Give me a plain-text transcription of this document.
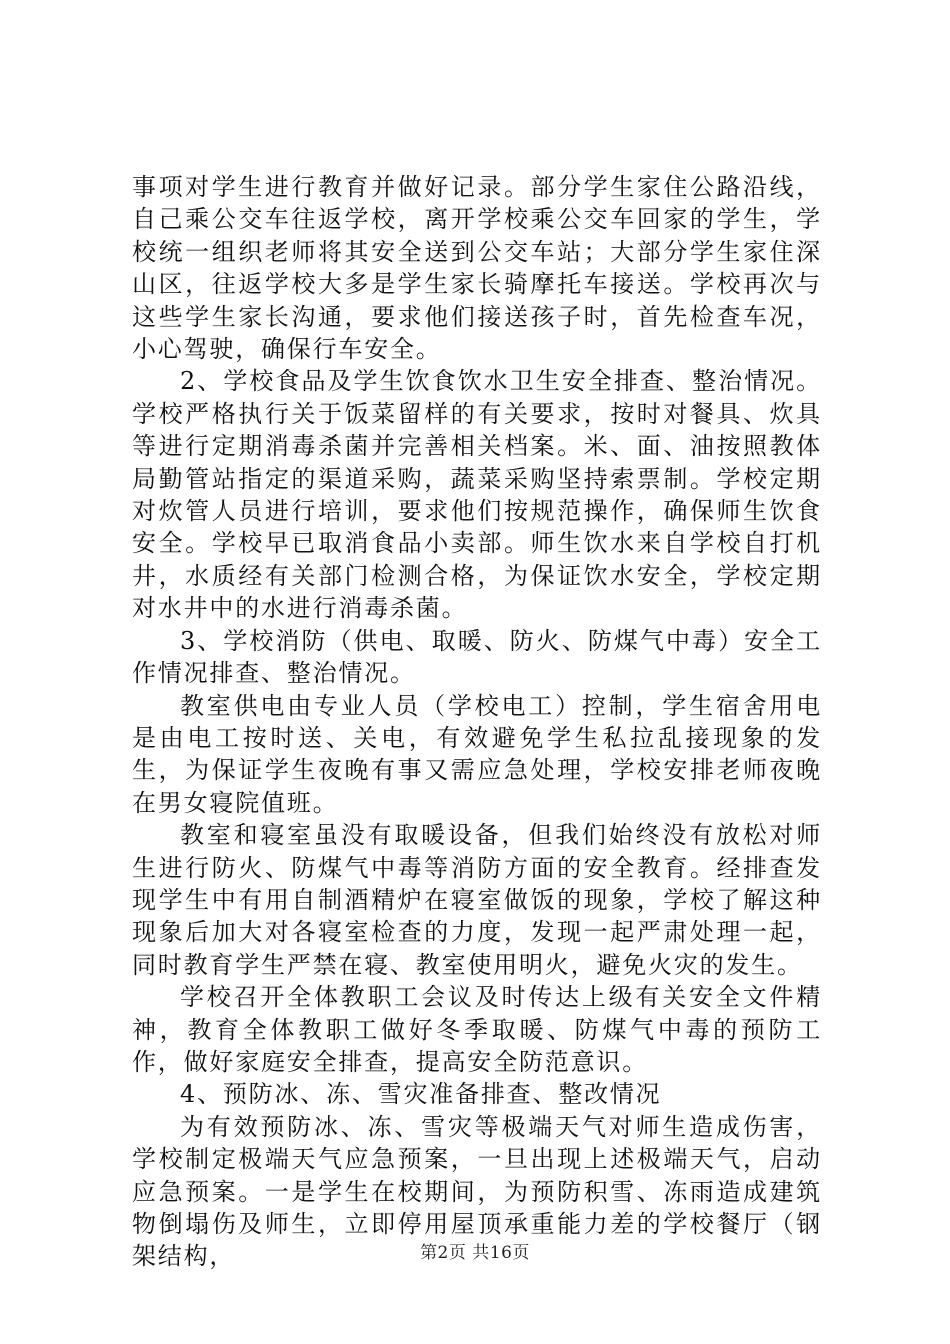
事项对学生进行教育并做好记录。部分学生家住公路沿线，自己乘公交车往返学校，离开学校乘公交车回家的学生，学校统一组织老师将其安全送到公交车站；大部分学生家住深山区，往返学校大多是学生家长骑摩托车接送。学校再次与这些学生家长沟通，要求他们接送孩子时，首先检查车况，小心驾驶，确保行车安全。

2、学校食品及学生饮食饮水卫生安全排查、整治情况。学校严格执行关于饭菜留样的有关要求，按时对餐具、炊具等进行定期消毒杀菌并完善相关档案。米、面、油按照教体局勤管站指定的渠道采购，蔬菜采购坚持索票制。学校定期对炊管人员进行培训，要求他们按规范操作，确保师生饮食安全。学校早已取消食品小卖部。师生饮水来自学校自打机井，水质经有关部门检测合格，为保证饮水安全，学校定期对水井中的水进行消毒杀菌。

3、学校消防（供电、取暖、防火、防煤气中毒）安全工作情况排查、整治情况。

教室供电由专业人员（学校电工）控制，学生宿舍用电是由电工按时送、关电，有效避免学生私拉乱接现象的发生，为保证学生夜晚有事又需应急处理，学校安排老师夜晚在男女寝院值班。

教室和寝室虽没有取暖设备，但我们始终没有放松对师生进行防火、防煤气中毒等消防方面的安全教育。经排查发现学生中有用自制酒精炉在寝室做饭的现象，学校了解这种现象后加大对各寝室检查的力度，发现一起严肃处理一起，同时教育学生严禁在寝、教室使用明火，避免火灾的发生。

学校召开全体教职工会议及时传达上级有关安全文件精神，教育全体教职工做好冬季取暖、防煤气中毒的预防工作，做好家庭安全排查，提高安全防范意识。

4、预防冰、冻、雪灾准备排查、整改情况

为有效预防冰、冻、雪灾等极端天气对师生造成伤害，学校制定极端天气应急预案，一旦出现上述极端天气，启动应急预案。一是学生在校期间，为预防积雪、冻雨造成建筑物倒塌伤及师生，立即停用屋顶承重能力差的学校餐厅（钢架结构，	第2页 共16页
